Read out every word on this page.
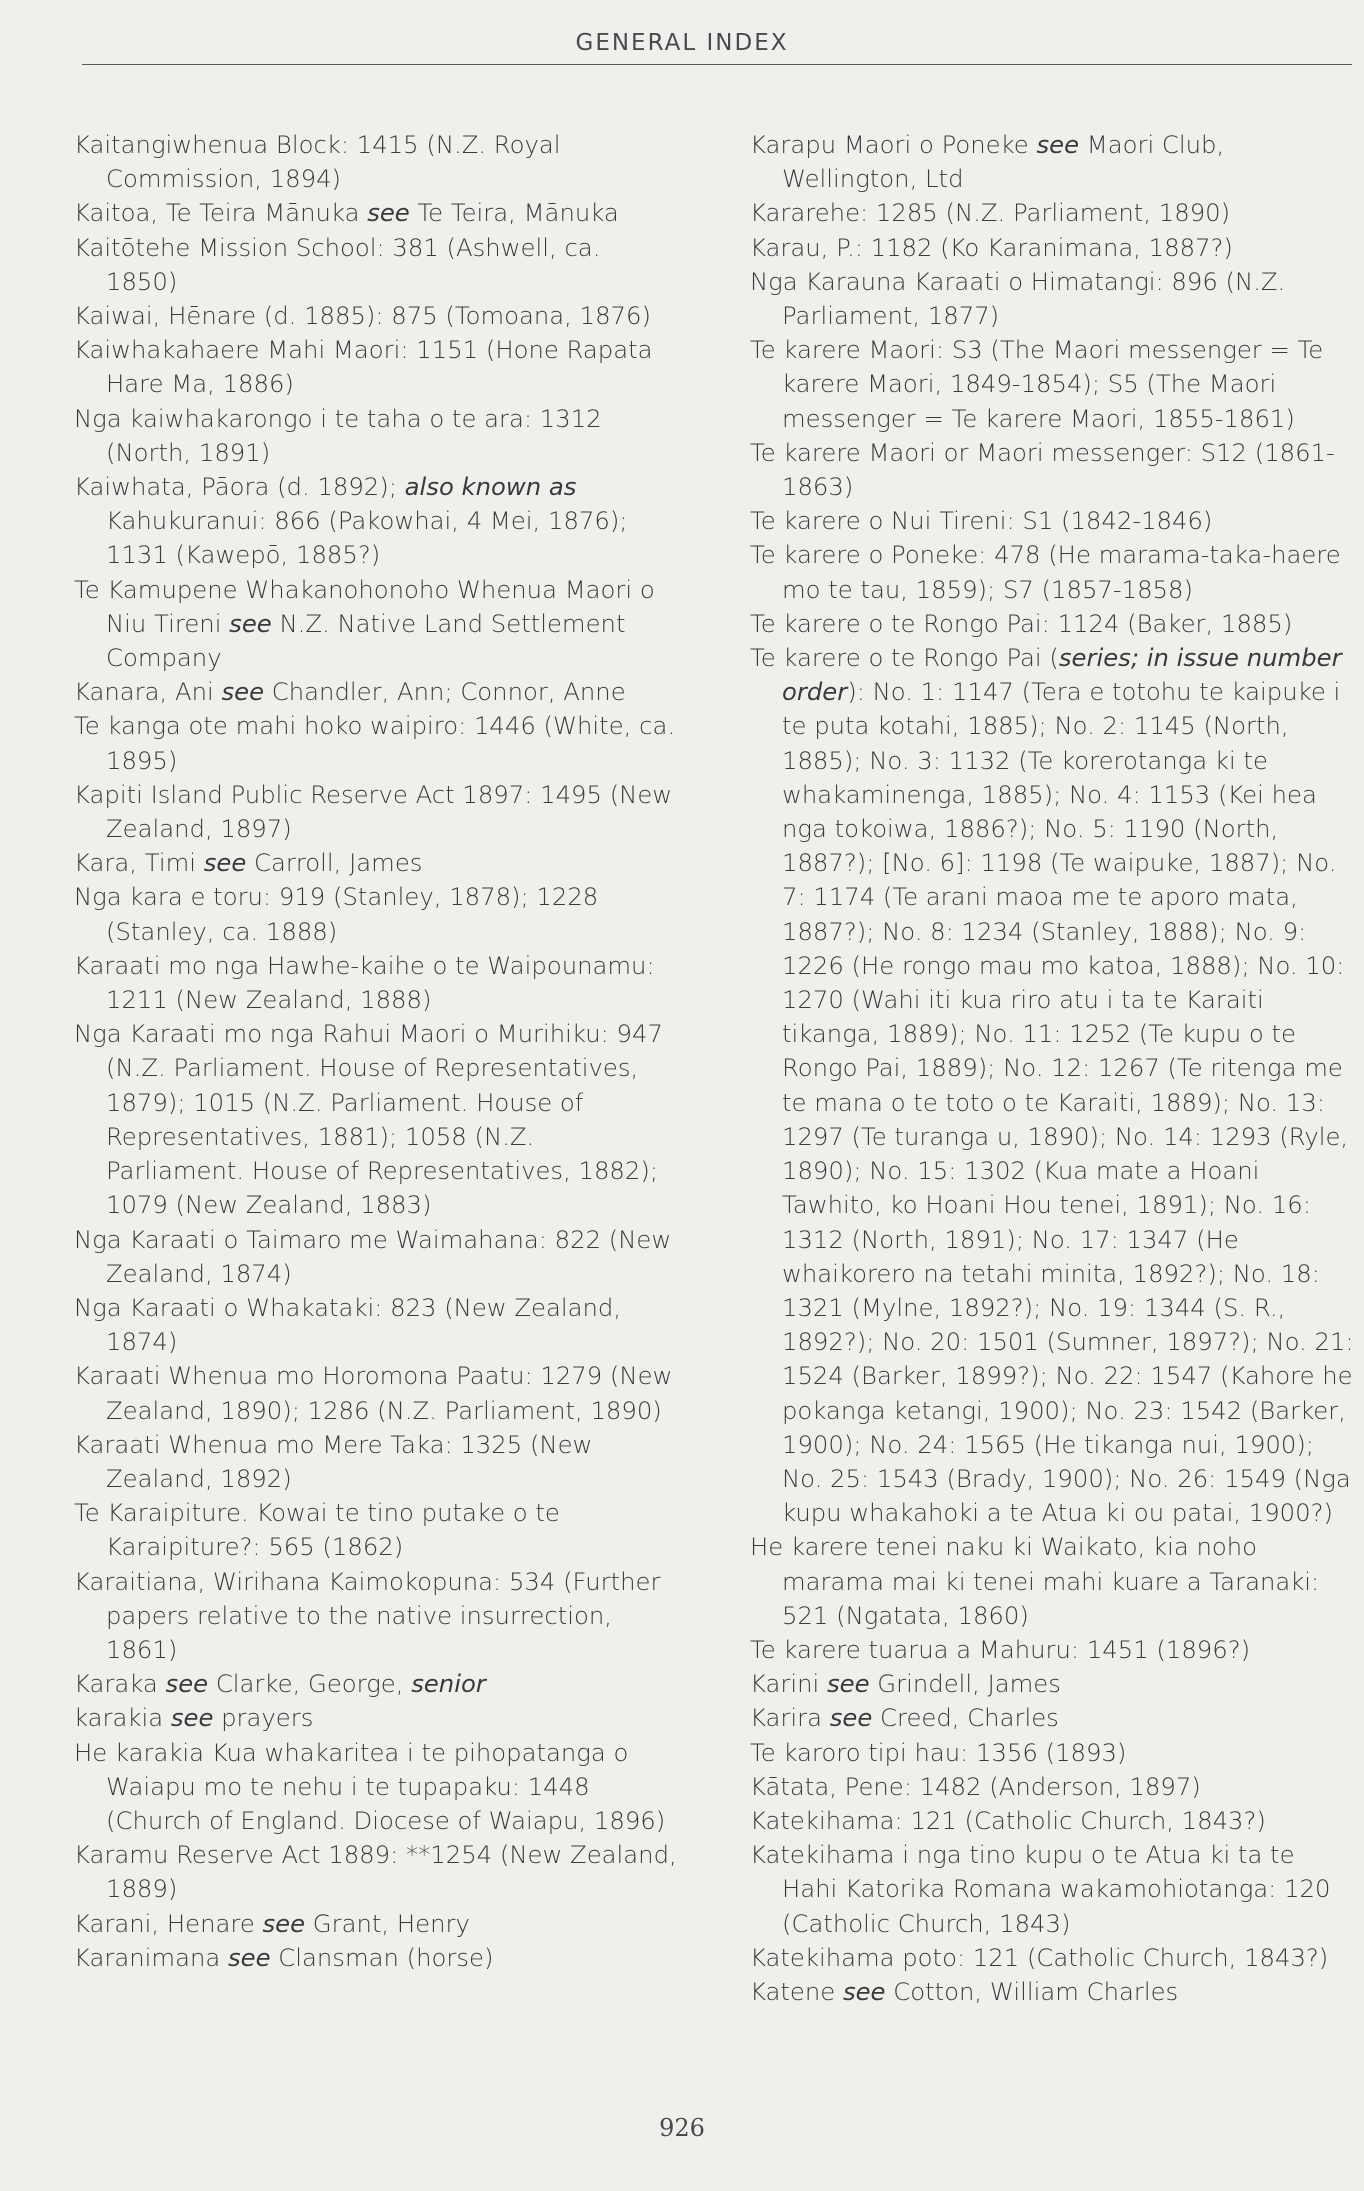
GENERAL INDEX

Kaitangiwhenua Block: 1415 (N.Z. Royal Commission, 1894)

Kaitoa, Te Teira Mānuka see Te Teira, Mānuka

Kaitōtehe Mission School: 381 (Ashwell, ca. 1850)

Kaiwai, Hēnare (d. 1885): 875 (Tomoana, 1876)

Kaiwhakahaere Mahi Maori: 1151 (Hone Rapata Hare Ma, 1886)

Nga kaiwhakarongo i te taha o te ara: 1312 (North, 1891)

Kaiwhata, Pāora (d. 1892); also known as Kahukuranui: 866 (Pakowhai, 4 Mei, 1876); 1131 (Kawepō, 1885?)

Te Kamupene Whakanohonoho Whenua Maori o Niu Tireni see N.Z. Native Land Settlement Company

Kanara, Ani see Chandler, Ann; Connor, Anne

Te kanga ote mahi hoko waipiro: 1446 (White, ca. 1895)

Kapiti Island Public Reserve Act 1897: 1495 (New Zealand, 1897)

Kara, Timi see Carroll, James

Nga kara e toru: 919 (Stanley, 1878); 1228 (Stanley, ca. 1888)

Karaati mo nga Hawhe-kaihe o te Waipounamu: 1211 (New Zealand, 1888)

Nga Karaati mo nga Rahui Maori o Murihiku: 947 (N.Z. Parliament. House of Representatives, 1879); 1015 (N.Z. Parliament. House of Representatives, 1881); 1058 (N.Z. Parliament. House of Representatives, 1882); 1079 (New Zealand, 1883)

Nga Karaati o Taimaro me Waimahana: 822 (New Zealand, 1874)

Nga Karaati o Whakataki: 823 (New Zealand, 1874)

Karaati Whenua mo Horomona Paatu: 1279 (New Zealand, 1890); 1286 (N.Z. Parliament, 1890)

Karaati Whenua mo Mere Taka: 1325 (New Zealand, 1892)

Te Karaipiture. Kowai te tino putake o te Karaipiture?: 565 (1862)

Karaitiana, Wirihana Kaimokopuna: 534 (Further papers relative to the native insurrection, 1861)

Karaka see Clarke, George, senior

karakia see prayers

He karakia Kua whakaritea i te pihopatanga o Waiapu mo te nehu i te tupapaku: 1448 (Church of England. Diocese of Waiapu, 1896)

Karamu Reserve Act 1889: **1254 (New Zealand, 1889)

Karani, Henare see Grant, Henry

Karanimana see Clansman (horse)

Karapu Maori o Poneke see Maori Club, Wellington, Ltd

Kararehe: 1285 (N.Z. Parliament, 1890)

Karau, P.: 1182 (Ko Karanimana, 1887?)

Nga Karauna Karaati o Himatangi: 896 (N.Z. Parliament, 1877)

Te karere Maori: S3 (The Maori messenger = Te karere Maori, 1849-1854); S5 (The Maori messenger = Te karere Maori, 1855-1861)

Te karere Maori or Maori messenger: S12 (1861-1863)

Te karere o Nui Tireni: S1 (1842-1846)

Te karere o Poneke: 478 (He marama-taka-haere mo te tau, 1859); S7 (1857-1858)

Te karere o te Rongo Pai: 1124 (Baker, 1885)

Te karere o te Rongo Pai (series; in issue number order): No. 1: 1147 (Tera e totohu te kaipuke i te puta kotahi, 1885); No. 2: 1145 (North, 1885); No. 3: 1132 (Te korerotanga ki te whakaminenga, 1885); No. 4: 1153 (Kei hea nga tokoiwa, 1886?); No. 5: 1190 (North, 1887?); [No. 6]: 1198 (Te waipuke, 1887); No. 7: 1174 (Te arani maoa me te aporo mata, 1887?); No. 8: 1234 (Stanley, 1888); No. 9: 1226 (He rongo mau mo katoa, 1888); No. 10: 1270 (Wahi iti kua riro atu i ta te Karaiti tikanga, 1889); No. 11: 1252 (Te kupu o te Rongo Pai, 1889); No. 12: 1267 (Te ritenga me te mana o te toto o te Karaiti, 1889); No. 13: 1297 (Te turanga u, 1890); No. 14: 1293 (Ryle, 1890); No. 15: 1302 (Kua mate a Hoani Tawhito, ko Hoani Hou tenei, 1891); No. 16: 1312 (North, 1891); No. 17: 1347 (He whaikorero na tetahi minita, 1892?); No. 18: 1321 (Mylne, 1892?); No. 19: 1344 (S. R., 1892?); No. 20: 1501 (Sumner, 1897?); No. 21: 1524 (Barker, 1899?); No. 22: 1547 (Kahore he pokanga ketangi, 1900); No. 23: 1542 (Barker, 1900); No. 24: 1565 (He tikanga nui, 1900); No. 25: 1543 (Brady, 1900); No. 26: 1549 (Nga kupu whakahoki a te Atua ki ou patai, 1900?)

He karere tenei naku ki Waikato, kia noho marama mai ki tenei mahi kuare a Taranaki: 521 (Ngatata, 1860)

Te karere tuarua a Mahuru: 1451 (1896?)

Karini see Grindell, James

Karira see Creed, Charles

Te karoro tipi hau: 1356 (1893)

Kātata, Pene: 1482 (Anderson, 1897)

Katekihama: 121 (Catholic Church, 1843?)

Katekihama i nga tino kupu o te Atua ki ta te Hahi Katorika Romana wakamohiotanga: 120 (Catholic Church, 1843)

Katekihama poto: 121 (Catholic Church, 1843?)

Katene see Cotton, William Charles

926
